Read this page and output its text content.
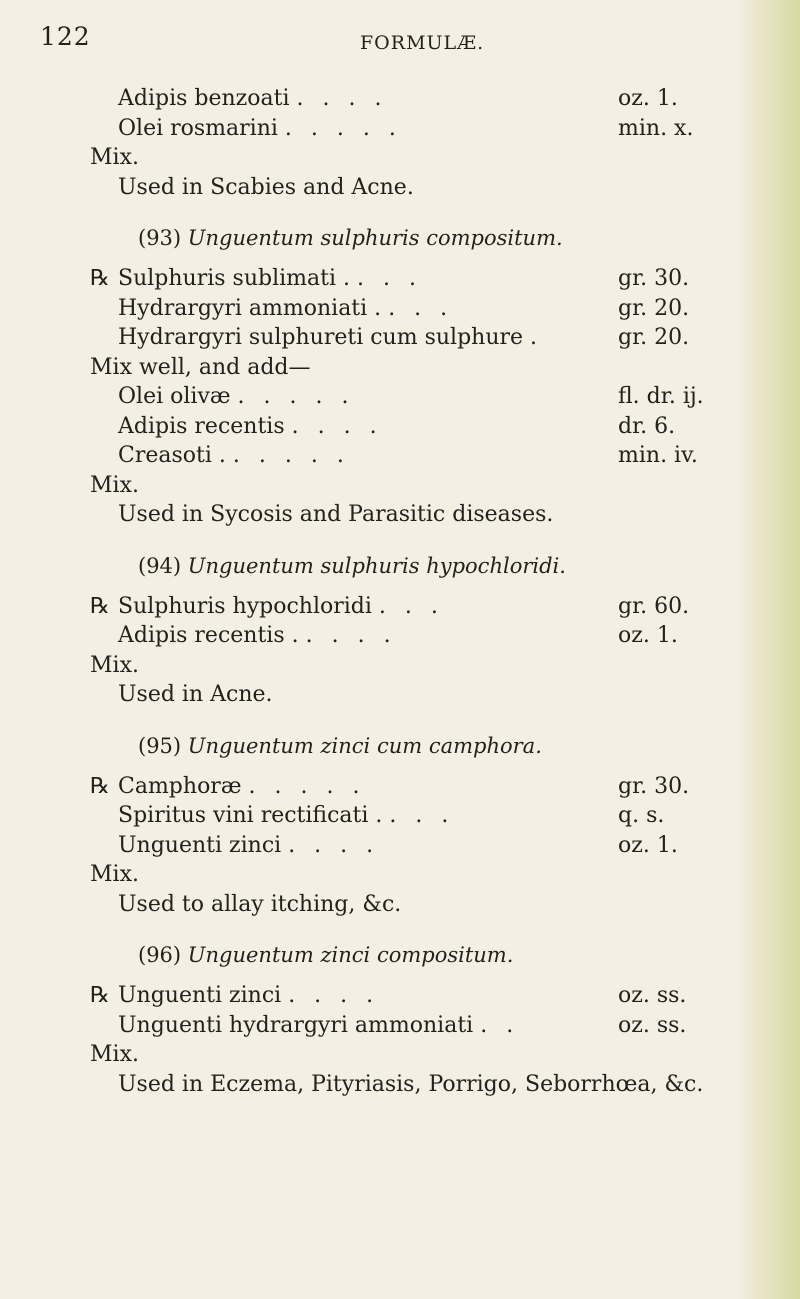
122	FORMULÆ.
Adipis benzoati . . . .	oz. 1.
Olei rosmarini . . . . .	min. x.
Mix.
Used in Scabies and Acne.
(93) Unguentum sulphuris compositum.
℞ Sulphuris sublimati . . . .	gr. 30.
Hydrargyri ammoniati . . . .	gr. 20.
Hydrargyri sulphureti cum sulphure .	gr. 20.
Mix well, and add—
Olei olivæ . . . . .	fl. dr. ij.
Adipis recentis . . . .	dr. 6.
Creasoti . . . . . .	min. iv.
Mix.
Used in Sycosis and Parasitic diseases.
(94) Unguentum sulphuris hypochloridi.
℞ Sulphuris hypochloridi . . .	gr. 60.
Adipis recentis . . . . .	oz. 1.
Mix.
Used in Acne.
(95) Unguentum zinci cum camphora.
℞ Camphoræ . . . . .	gr. 30.
Spiritus vini rectificati . . . .	q. s.
Unguenti zinci . . . .	oz. 1.
Mix.
Used to allay itching, &c.
(96) Unguentum zinci compositum.
℞ Unguenti zinci . . . .	oz. ss.
Unguenti hydrargyri ammoniati . .	oz. ss.
Mix.
Used in Eczema, Pityriasis, Porrigo, Seborrhœa, &c.
